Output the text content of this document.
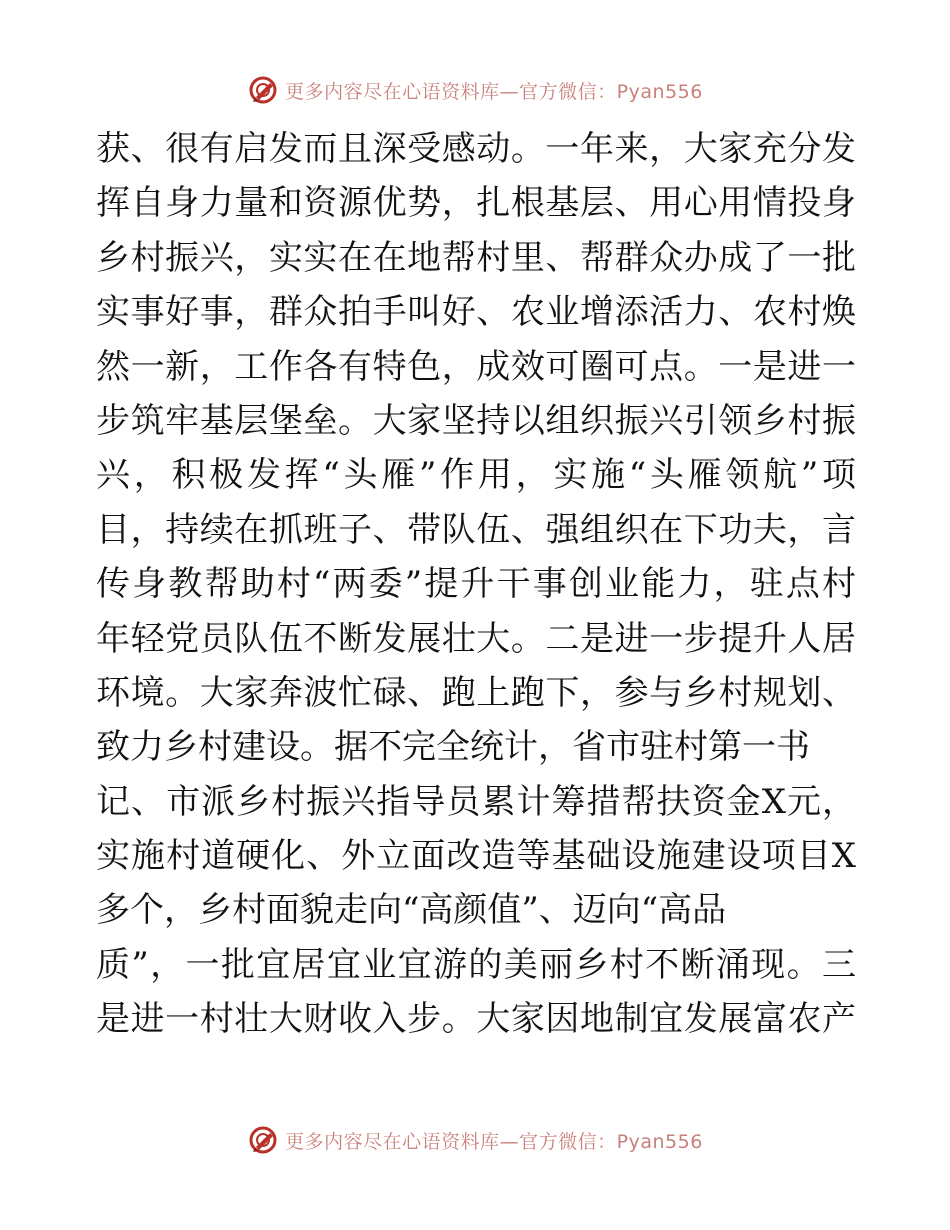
更多内容尽在心语资料库—官方微信：Pyan556
获、很有启发而且深受感动。一年来，大家充分发
挥自身力量和资源优势，扎根基层、用心用情投身
乡村振兴，实实在在地帮村里、帮群众办成了一批
实事好事，群众拍手叫好、农业增添活力、农村焕
然一新，工作各有特色，成效可圈可点。一是进一
步筑牢基层堡垒。大家坚持以组织振兴引领乡村振
兴，积极发挥“头雁”作用，实施“头雁领航”项
目，持续在抓班子、带队伍、强组织在下功夫，言
传身教帮助村“两委”提升干事创业能力，驻点村
年轻党员队伍不断发展壮大。二是进一步提升人居
环境。大家奔波忙碌、跑上跑下，参与乡村规划、
致力乡村建设。据不完全统计，省市驻村第一书
记、市派乡村振兴指导员累计筹措帮扶资金X元，
实施村道硬化、外立面改造等基础设施建设项目X
多个，乡村面貌走向“高颜值”、迈向“高品
质”，一批宜居宜业宜游的美丽乡村不断涌现。三
是进一村壮大财收入步。大家因地制宜发展富农产
更多内容尽在心语资料库—官方微信：Pyan556
